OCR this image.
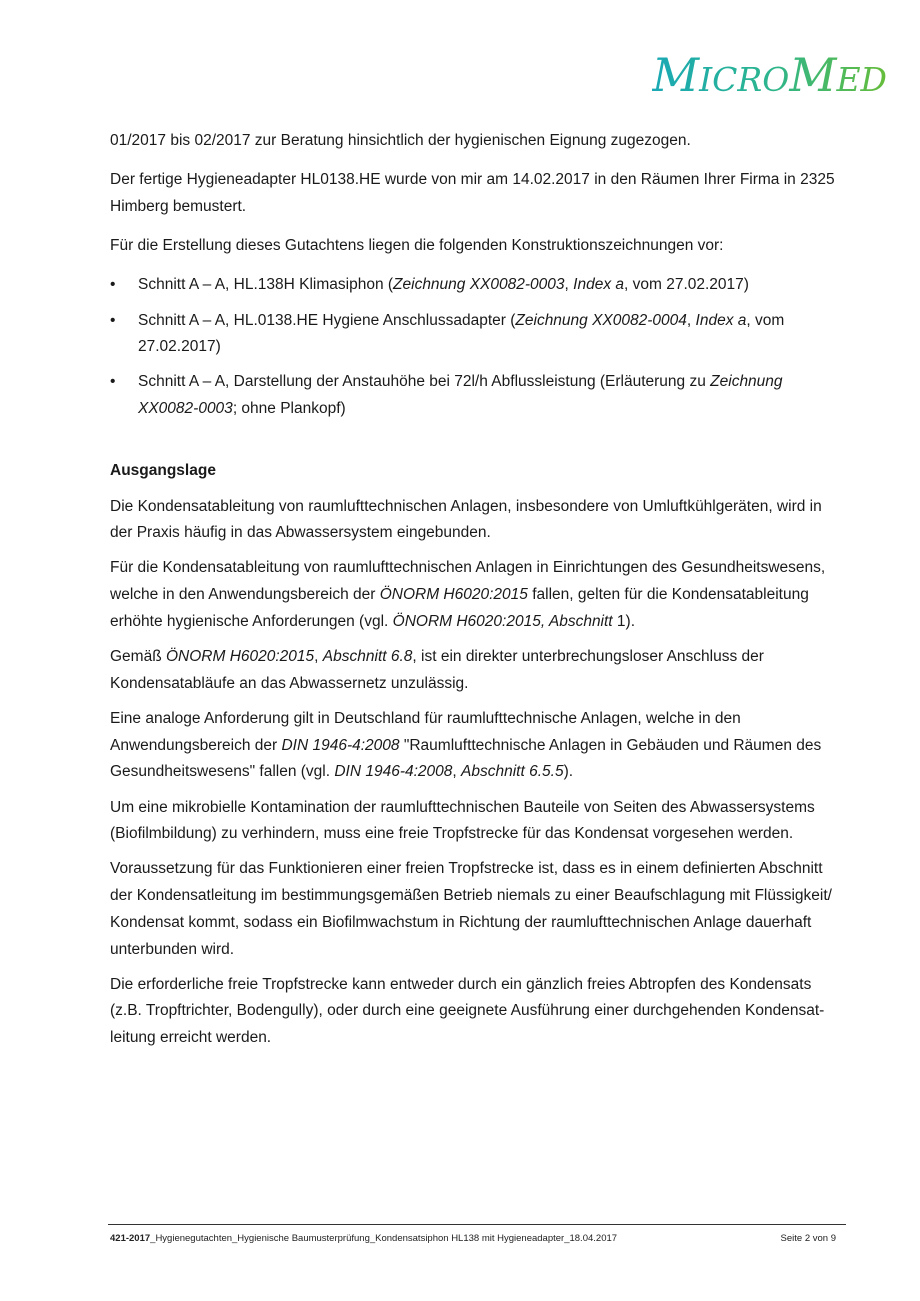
MICROMED

01/2017 bis 02/2017 zur Beratung hinsichtlich der hygienischen Eignung zugezogen.

Der fertige Hygieneadapter HL0138.HE wurde von mir am 14.02.2017 in den Räumen Ihrer Firma in 2325 Himberg bemustert.

Für die Erstellung dieses Gutachtens liegen die folgenden Konstruktionszeichnungen vor:

• Schnitt A – A, HL.138H Klimasiphon (Zeichnung XX0082-0003, Index a, vom 27.02.2017)
• Schnitt A – A, HL.0138.HE Hygiene Anschlussadapter (Zeichnung XX0082-0004, Index a, vom 27.02.2017)
• Schnitt A – A, Darstellung der Anstauhöhe bei 72l/h Abflussleistung (Erläuterung zu Zeichnung XX0082-0003; ohne Plankopf)
Ausgangslage

Die Kondensatableitung von raumlufttechnischen Anlagen, insbesondere von Umluftkühlgeräten, wird in der Praxis häufig in das Abwassersystem eingebunden.

Für die Kondensatableitung von raumlufttechnischen Anlagen in Einrichtungen des Gesundheitswesens, welche in den Anwendungsbereich der ÖNORM H6020:2015 fallen, gelten für die Kondensatableitung erhöhte hygienische Anforderungen (vgl. ÖNORM H6020:2015, Abschnitt 1).

Gemäß ÖNORM H6020:2015, Abschnitt 6.8, ist ein direkter unterbrechungsloser Anschluss der Kondensatabläufe an das Abwassernetz unzulässig.

Eine analoge Anforderung gilt in Deutschland für raumlufttechnische Anlagen, welche in den Anwendungsbereich der DIN 1946-4:2008 "Raumlufttechnische Anlagen in Gebäuden und Räumen des Gesundheitswesens" fallen (vgl. DIN 1946-4:2008, Abschnitt 6.5.5).

Um eine mikrobielle Kontamination der raumlufttechnischen Bauteile von Seiten des Abwassersystems (Biofilmbildung) zu verhindern, muss eine freie Tropfstrecke für das Kondensat vorgesehen werden.

Voraussetzung für das Funktionieren einer freien Tropfstrecke ist, dass es in einem definierten Abschnitt der Kondensatleitung im bestimmungsgemäßen Betrieb niemals zu einer Beaufschlagung mit Flüssigkeit/ Kondensat kommt, sodass ein Biofilmwachstum in Richtung der raumlufttechnischen Anlage dauerhaft unterbunden wird.

Die erforderliche freie Tropfstrecke kann entweder durch ein gänzlich freies Abtropfen des Kondensats (z.B. Tropftrichter, Bodengully), oder durch eine geeignete Ausführung einer durchgehenden Kondensat-leitung erreicht werden.

421-2017_Hygienegutachten_Hygienische Baumusterprüfung_Kondensatsiphon HL138 mit Hygieneadapter_18.04.2017	Seite 2 von 9
